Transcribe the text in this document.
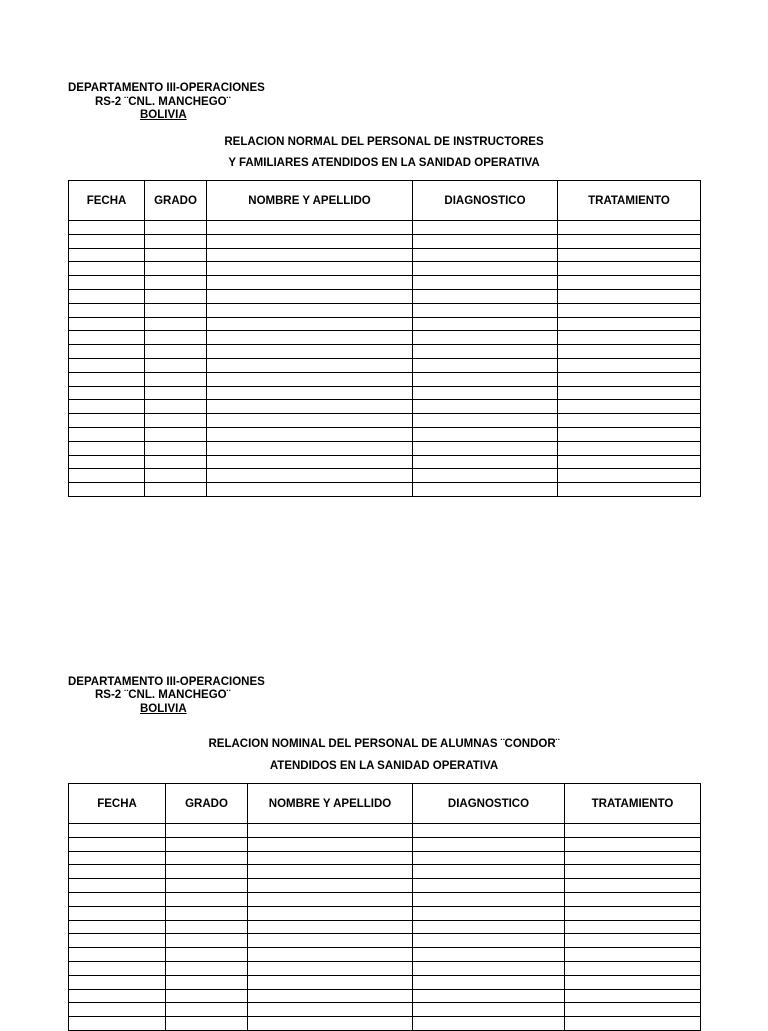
DEPARTAMENTO III-OPERACIONES
RS-2 ¨CNL. MANCHEGO¨
BOLIVIA
RELACION NORMAL DEL PERSONAL DE INSTRUCTORES
Y FAMILIARES ATENDIDOS EN LA SANIDAD OPERATIVA
FECHA	GRADO	NOMBRE Y APELLIDO	DIAGNOSTICO	TRATAMIENTO

DEPARTAMENTO III-OPERACIONES
RS-2 ¨CNL. MANCHEGO¨
BOLIVIA
RELACION NOMINAL DEL PERSONAL DE ALUMNAS ¨CONDOR¨
ATENDIDOS EN LA SANIDAD OPERATIVA
FECHA	GRADO	NOMBRE Y APELLIDO	DIAGNOSTICO	TRATAMIENTO
